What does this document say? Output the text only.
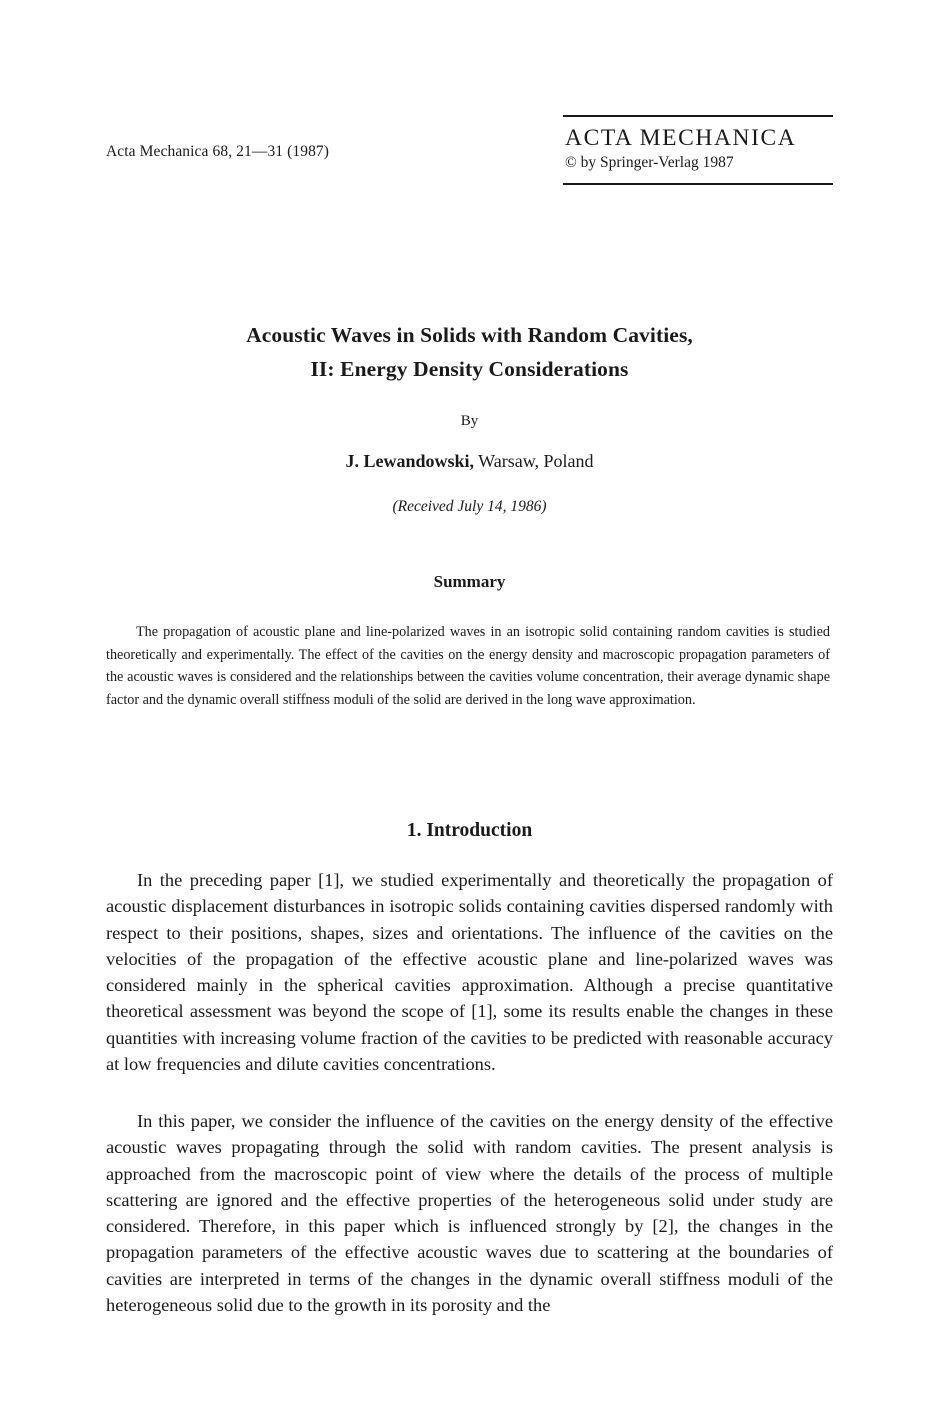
Acta Mechanica 68, 21—31 (1987)
ACTA MECHANICA
© by Springer-Verlag 1987
Acoustic Waves in Solids with Random Cavities,
II: Energy Density Considerations
By
J. Lewandowski, Warsaw, Poland
(Received July 14, 1986)
Summary

The propagation of acoustic plane and line-polarized waves in an isotropic solid containing random cavities is studied theoretically and experimentally. The effect of the cavities on the energy density and macroscopic propagation parameters of the acoustic waves is considered and the relationships between the cavities volume concentration, their average dynamic shape factor and the dynamic overall stiffness moduli of the solid are derived in the long wave approximation.

1. Introduction

In the preceding paper [1], we studied experimentally and theoretically the propagation of acoustic displacement disturbances in isotropic solids containing cavities dispersed randomly with respect to their positions, shapes, sizes and orientations. The influence of the cavities on the velocities of the propagation of the effective acoustic plane and line-polarized waves was considered mainly in the spherical cavities approximation. Although a precise quantitative theoretical assessment was beyond the scope of [1], some its results enable the changes in these quantities with increasing volume fraction of the cavities to be predicted with reasonable accuracy at low frequencies and dilute cavities concentrations.

In this paper, we consider the influence of the cavities on the energy density of the effective acoustic waves propagating through the solid with random cavities. The present analysis is approached from the macroscopic point of view where the details of the process of multiple scattering are ignored and the effective properties of the heterogeneous solid under study are considered. Therefore, in this paper which is influenced strongly by [2], the changes in the propagation parameters of the effective acoustic waves due to scattering at the boundaries of cavities are interpreted in terms of the changes in the dynamic overall stiffness moduli of the heterogeneous solid due to the growth in its porosity and the
